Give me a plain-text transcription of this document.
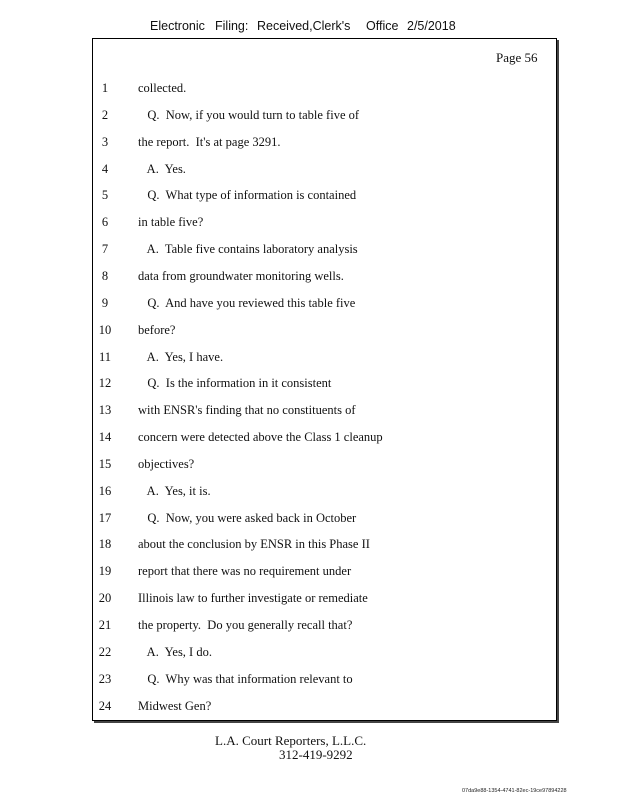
Electronic Filing: Received,Clerk's Office 2/5/2018
Page 56
1	collected.
2	Q.  Now, if you would turn to table five of
3	the report.  It's at page 3291.
4	A.  Yes.
5	Q.  What type of information is contained
6	in table five?
7	A.  Table five contains laboratory analysis
8	data from groundwater monitoring wells.
9	Q.  And have you reviewed this table five
10 before?
11 A.  Yes, I have.
12 Q.  Is the information in it consistent
13 with ENSR's finding that no constituents of
14 concern were detected above the Class 1 cleanup
15 objectives?
16 A.  Yes, it is.
17 Q.  Now, you were asked back in October
18 about the conclusion by ENSR in this Phase II
19 report that there was no requirement under
20 Illinois law to further investigate or remediate
21 the property.  Do you generally recall that?
22 A.  Yes, I do.
23 Q.  Why was that information relevant to
24 Midwest Gen?
L.A. Court Reporters, L.L.C.
312-419-9292
07da9e88-1354-4741-82ec-19ce97894228
